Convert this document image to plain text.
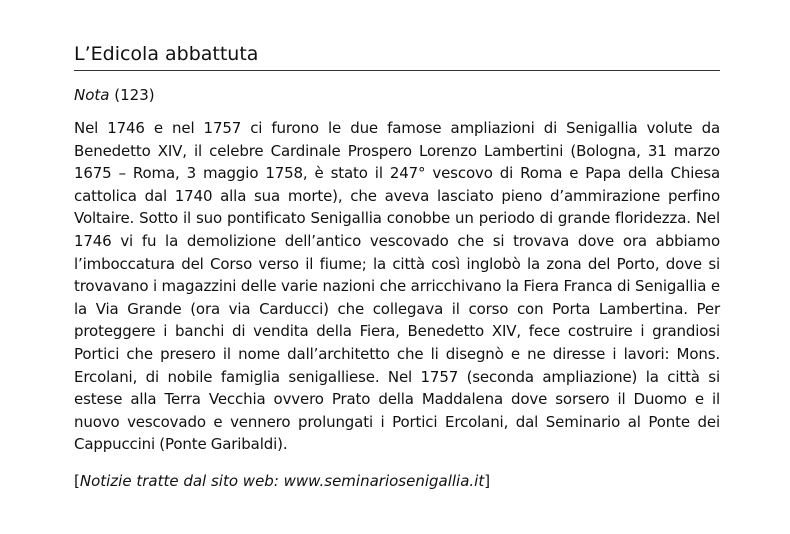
L’Edicola abbattuta
Nota (123)

Nel 1746 e nel 1757 ci furono le due famose ampliazioni di Senigallia volute da Benedetto XIV, il celebre Cardinale Prospero Lorenzo Lambertini (Bologna, 31 marzo 1675 – Roma, 3 maggio 1758, è stato il 247° vescovo di Roma e Papa della Chiesa cattolica dal 1740 alla sua morte), che aveva lasciato pieno d’ammirazione perfino Voltaire. Sotto il suo pontificato Senigallia conobbe un periodo di grande floridezza. Nel 1746 vi fu la demolizione dell’antico vescovado che si trovava dove ora abbiamo l’imboccatura del Corso verso il fiume; la città così inglobò la zona del Porto, dove si trovavano i magazzini delle varie nazioni che arricchivano la Fiera Franca di Senigallia e la Via Grande (ora via Carducci) che collegava il corso con Porta Lambertina. Per proteggere i banchi di vendita della Fiera, Benedetto XIV, fece costruire i grandiosi Portici che presero il nome dall’architetto che li disegnò e ne diresse i lavori: Mons. Ercolani, di nobile famiglia senigalliese. Nel 1757 (seconda ampliazione) la città si estese alla Terra Vecchia ovvero Prato della Maddalena dove sorsero il Duomo e il nuovo vescovado e vennero prolungati i Portici Ercolani, dal Seminario al Ponte dei Cappuccini (Ponte Garibaldi).

[Notizie tratte dal sito web: www.seminariosenigallia.it]
